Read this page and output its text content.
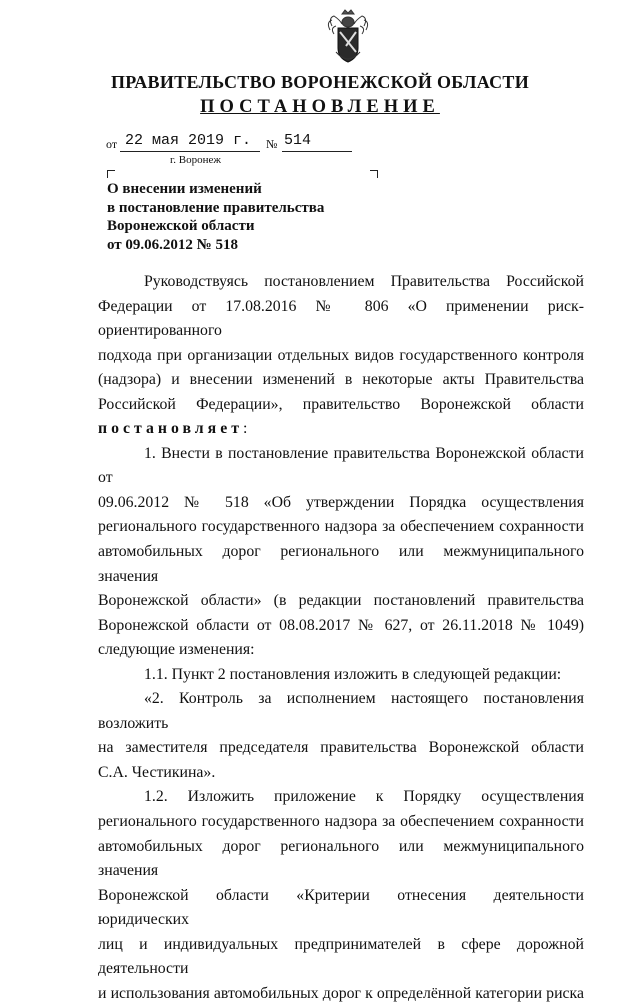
ПРАВИТЕЛЬСТВО ВОРОНЕЖСКОЙ ОБЛАСТИ
ПОСТАНОВЛЕНИЕ
от 22 мая 2019 г. № 514
г. Воронеж
О внесении изменений
в постановление правительства
Воронежской области
от 09.06.2012 № 518

Руководствуясь постановлением Правительства Российской

Федерации от 17.08.2016 № 806 «О применении риск-ориентированного

подхода при организации отдельных видов государственного контроля

(надзора) и внесении изменений в некоторые акты Правительства

Российской Федерации», правительство Воронежской области

постановляет:

1. Внести в постановление правительства Воронежской области от

09.06.2012 № 518 «Об утверждении Порядка осуществления

регионального государственного надзора за обеспечением сохранности

автомобильных дорог регионального или межмуниципального значения

Воронежской области» (в редакции постановлений правительства

Воронежской области от 08.08.2017 № 627, от 26.11.2018 № 1049)

следующие изменения:

1.1. Пункт 2 постановления изложить в следующей редакции:

«2. Контроль за исполнением настоящего постановления возложить

на заместителя председателя правительства Воронежской области

С.А. Честикина».

1.2. Изложить приложение к Порядку осуществления

регионального государственного надзора за обеспечением сохранности

автомобильных дорог регионального или межмуниципального значения

Воронежской области «Критерии отнесения деятельности юридических

лиц и индивидуальных предпринимателей в сфере дорожной деятельности

и использования автомобильных дорог к определённой категории риска
